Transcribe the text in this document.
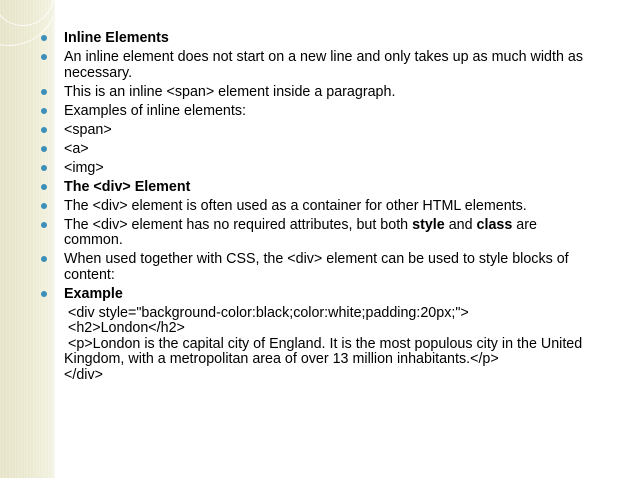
Inline Elements
An inline element does not start on a new line and only takes up as much width as necessary.
This is an inline <span> element inside a paragraph.
Examples of inline elements:
<span>
<a>
<img>
The <div> Element
The <div> element is often used as a container for other HTML elements.
The <div> element has no required attributes, but both style and class are common.
When used together with CSS, the <div> element can be used to style blocks of content:
Example
<div style="background-color:black;color:white;padding:20px;">
<h2>London</h2>
<p>London is the capital city of England. It is the most populous city in the United Kingdom, with a metropolitan area of over 13 million inhabitants.</p>
</div>
